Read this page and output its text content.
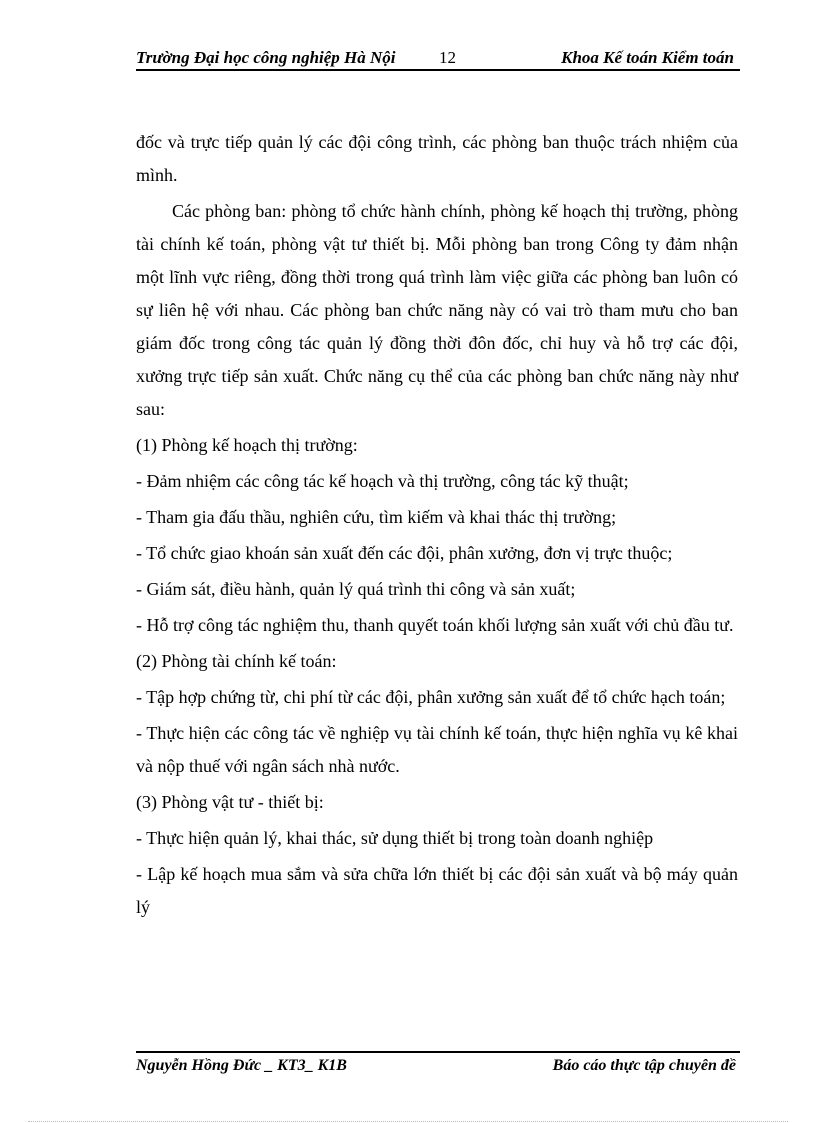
Trường Đại học công nghiệp Hà Nội	12	Khoa Kế toán Kiểm toán

đốc và trực tiếp quản lý các đội công trình, các phòng ban thuộc trách nhiệm của mình.

Các phòng ban: phòng tổ chức hành chính, phòng kế hoạch thị trường, phòng tài chính kế toán, phòng vật tư thiết bị. Mỗi phòng ban trong Công ty đảm nhận một lĩnh vực riêng, đồng thời trong quá trình làm việc giữa các phòng ban luôn có sự liên hệ với nhau. Các phòng ban chức năng này có vai trò tham mưu cho ban giám đốc trong công tác quản lý đồng thời đôn đốc, chỉ huy và hỗ trợ các đội, xưởng trực tiếp sản xuất. Chức năng cụ thể của các phòng ban chức năng này như sau:

(1) Phòng kế hoạch thị trường:

- Đảm nhiệm các công tác kế hoạch và thị trường, công tác kỹ thuật;

- Tham gia đấu thầu, nghiên cứu, tìm kiếm và khai thác thị trường;

- Tổ chức giao khoán sản xuất đến các đội, phân xưởng, đơn vị trực thuộc;

- Giám sát, điều hành, quản lý quá trình thi công và sản xuất;

- Hỗ trợ công tác nghiệm thu, thanh quyết toán khối lượng sản xuất với chủ đầu tư.

(2) Phòng tài chính kế toán:

- Tập hợp chứng từ, chi phí từ các đội, phân xưởng sản xuất để tổ chức hạch toán;

- Thực hiện các công tác về nghiệp vụ tài chính kế toán, thực hiện nghĩa vụ kê khai và nộp thuế với ngân sách nhà nước.

(3) Phòng vật tư - thiết bị:

- Thực hiện quản lý, khai thác, sử dụng thiết bị trong toàn doanh nghiệp

- Lập kế hoạch mua sắm và sửa chữa lớn thiết bị các đội sản xuất và bộ máy quản lý

Nguyễn Hồng Đức _ KT3_ K1B	Báo cáo thực tập chuyên đề
